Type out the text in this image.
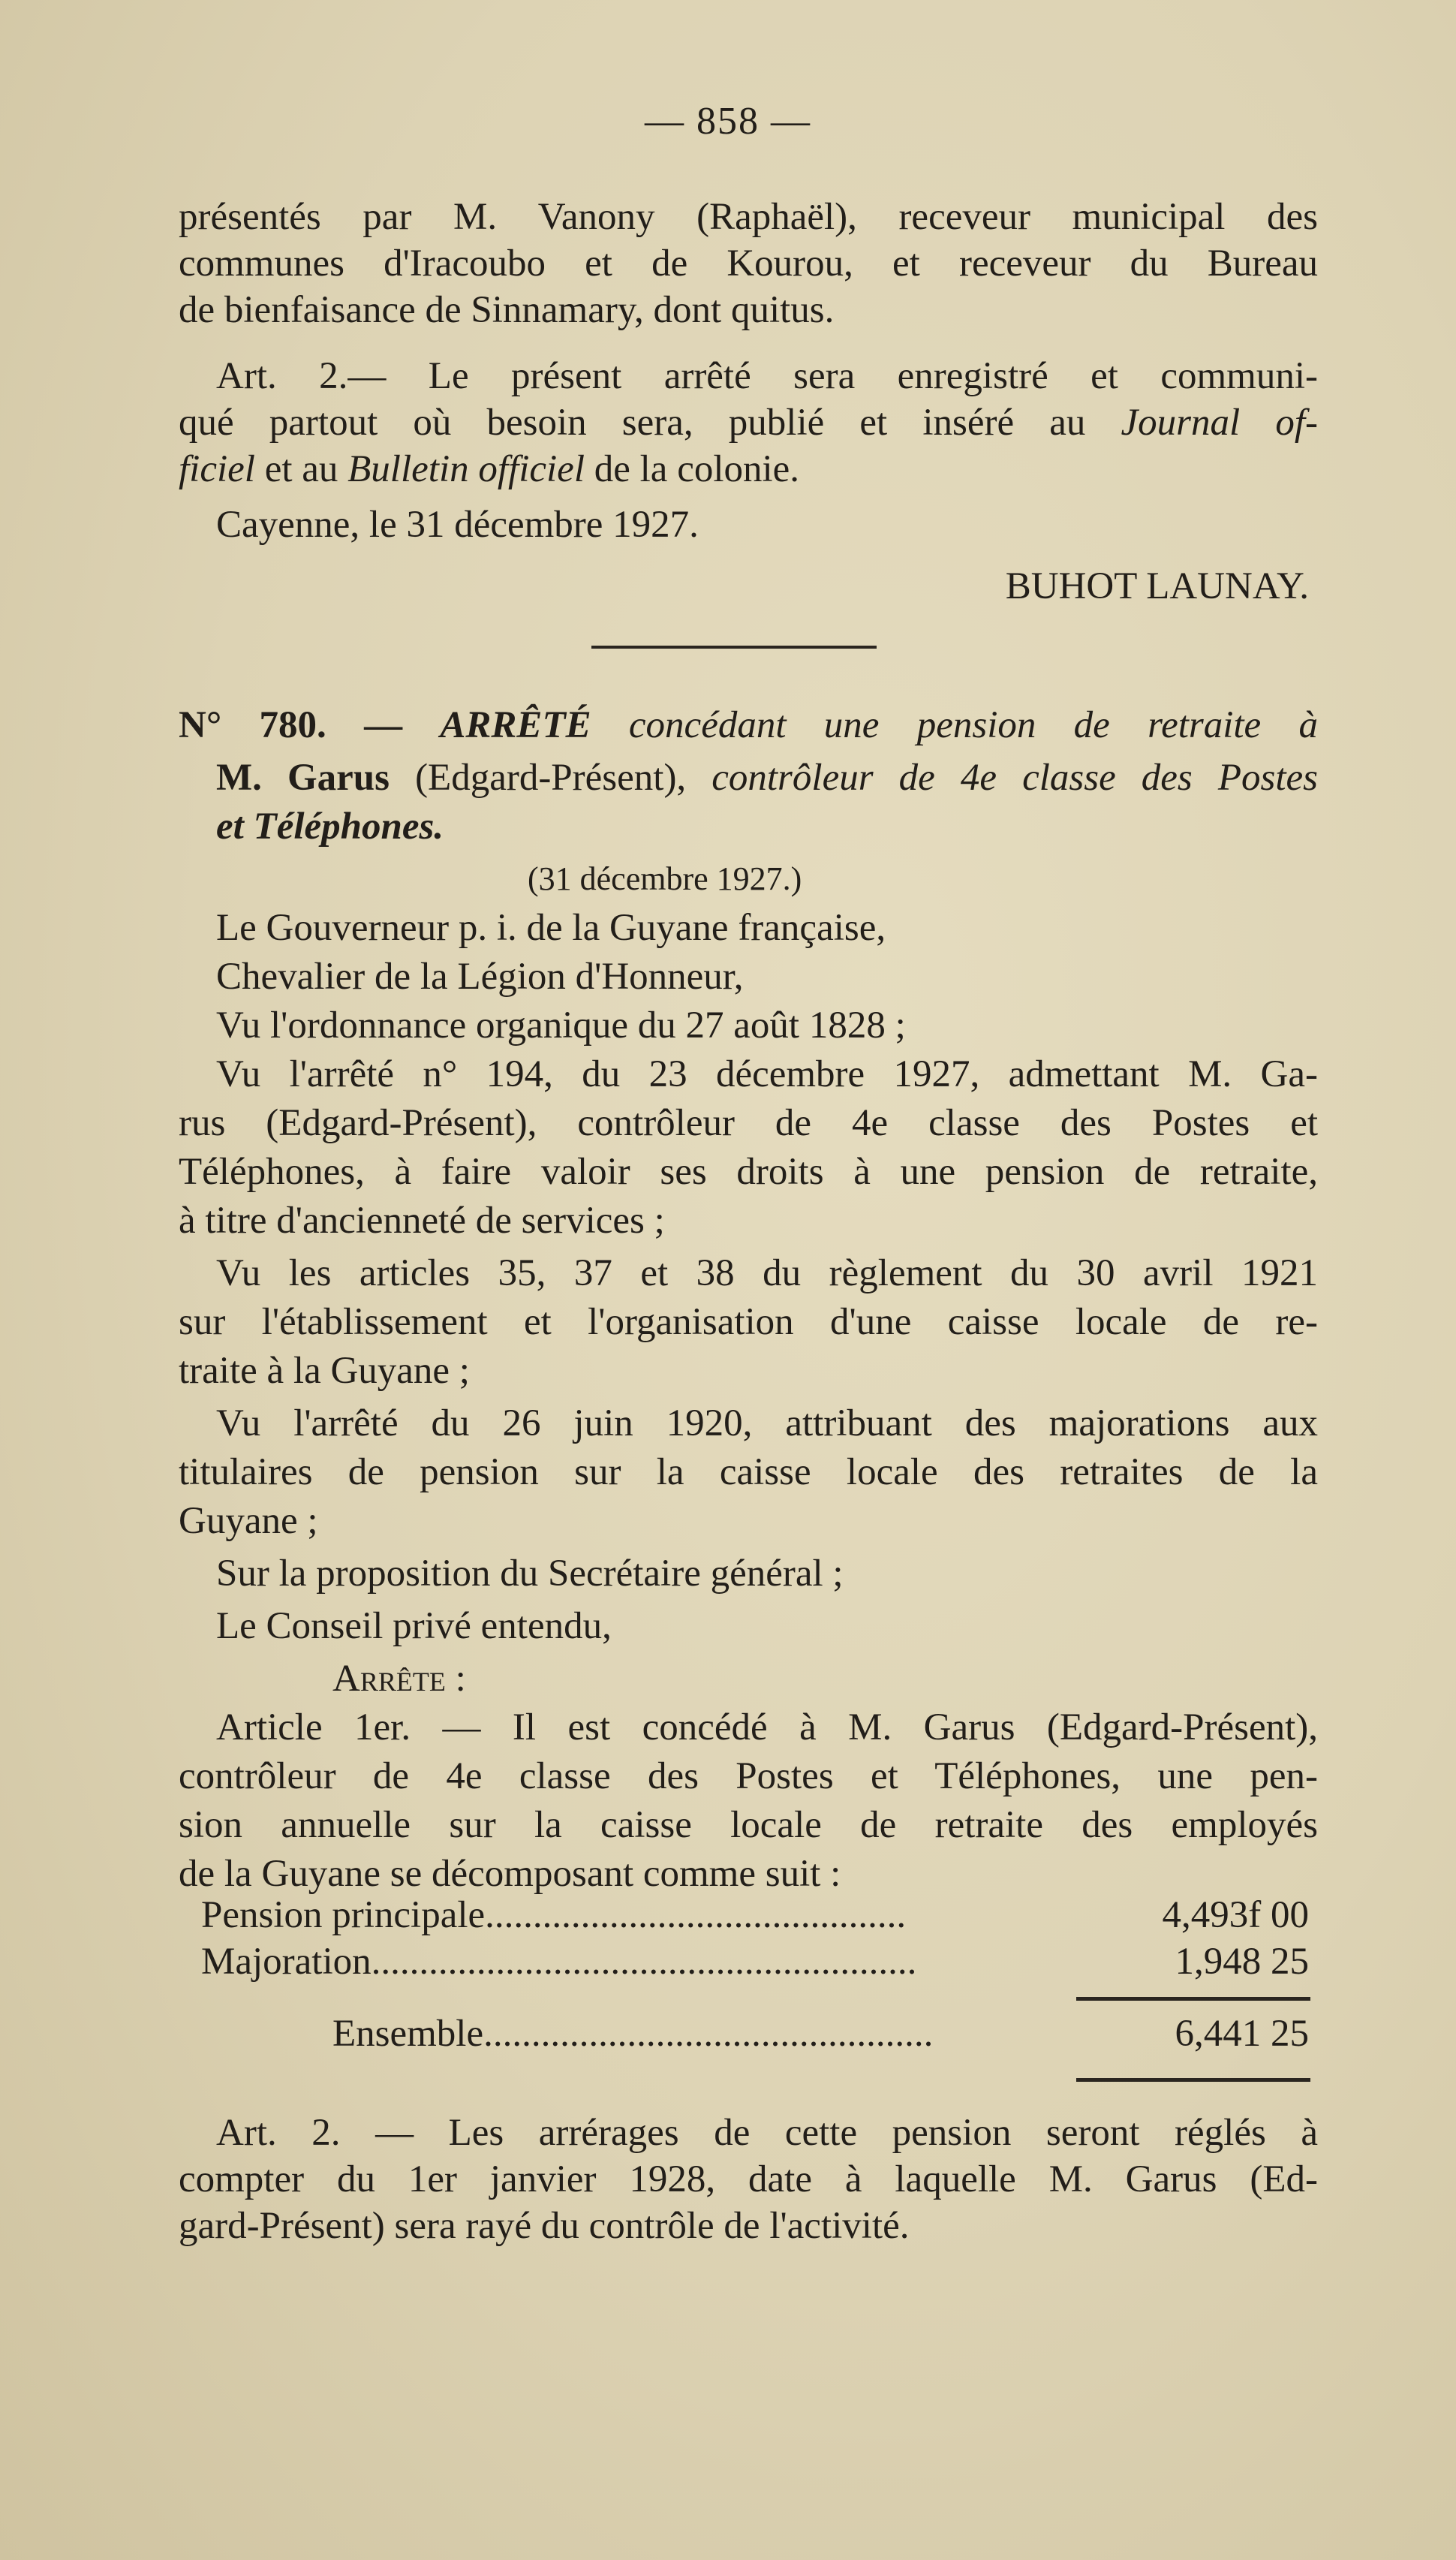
— 858 —
présentés par M. Vanony (Raphaël), receveur municipal des
communes d'Iracoubo et de Kourou, et receveur du Bureau
de bienfaisance de Sinnamary, dont quitus.
Art. 2.— Le présent arrêté sera enregistré et communi-
qué partout où besoin sera, publié et inséré au Journal of-
ficiel et au Bulletin officiel de la colonie.
Cayenne, le 31 décembre 1927.
BUHOT LAUNAY.
N° 780. — ARRÊTÉ concédant une pension de retraite à
M. Garus (Edgard-Présent), contrôleur de 4e classe des Postes
et Téléphones.
(31 décembre 1927.)
Le Gouverneur p. i. de la Guyane française,
Chevalier de la Légion d'Honneur,
Vu l'ordonnance organique du 27 août 1828 ;
Vu l'arrêté n° 194, du 23 décembre 1927, admettant M. Ga-
rus (Edgard-Présent), contrôleur de 4e classe des Postes et
Téléphones, à faire valoir ses droits à une pension de retraite,
à titre d'ancienneté de services ;
Vu les articles 35, 37 et 38 du règlement du 30 avril 1921
sur l'établissement et l'organisation d'une caisse locale de re-
traite à la Guyane ;
Vu l'arrêté du 26 juin 1920, attribuant des majorations aux
titulaires de pension sur la caisse locale des retraites de la
Guyane ;
Sur la proposition du Secrétaire général ;
Le Conseil privé entendu,
Arrête :
Article 1er. — Il est concédé à M. Garus (Edgard-Présent),
contrôleur de 4e classe des Postes et Téléphones, une pen-
sion annuelle sur la caisse locale de retraite des employés
de la Guyane se décomposant comme suit :
Pension principale............................................	4,493f 00
Majoration.........................................................	1,948 25
Ensemble...............................................	6,441 25
Art. 2. — Les arrérages de cette pension seront réglés à
compter du 1er janvier 1928, date à laquelle M. Garus (Ed-
gard-Présent) sera rayé du contrôle de l'activité.
